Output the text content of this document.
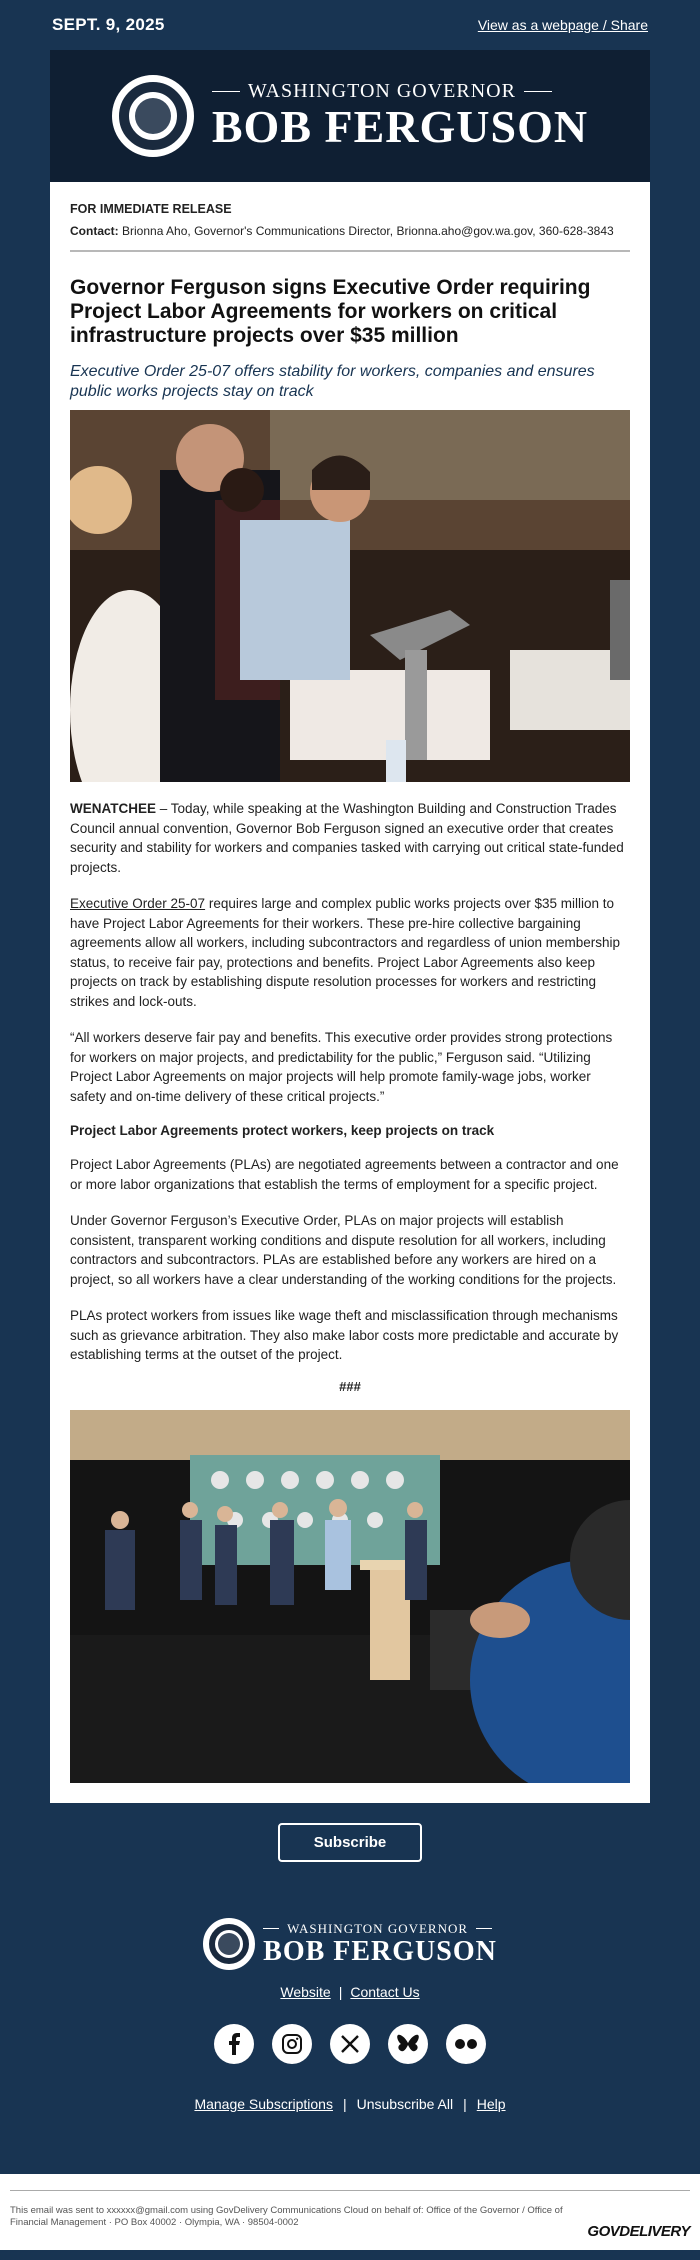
SEPT. 9, 2025	View as a webpage / Share
WASHINGTON GOVERNOR
BOB FERGUSON
FOR IMMEDIATE RELEASE
Contact: Brionna Aho, Governor's Communications Director, Brionna.aho@gov.wa.gov, 360-628-3843
Governor Ferguson signs Executive Order requiring Project Labor Agreements for workers on critical infrastructure projects over $35 million
Executive Order 25-07 offers stability for workers, companies and ensures public works projects stay on track

WENATCHEE – Today, while speaking at the Washington Building and Construction Trades Council annual convention, Governor Bob Ferguson signed an executive order that creates security and stability for workers and companies tasked with carrying out critical state-funded projects.

Executive Order 25-07 requires large and complex public works projects over $35 million to have Project Labor Agreements for their workers. These pre-hire collective bargaining agreements allow all workers, including subcontractors and regardless of union membership status, to receive fair pay, protections and benefits. Project Labor Agreements also keep projects on track by establishing dispute resolution processes for workers and restricting strikes and lock-outs.

“All workers deserve fair pay and benefits. This executive order provides strong protections for workers on major projects, and predictability for the public,” Ferguson said. “Utilizing Project Labor Agreements on major projects will help promote family-wage jobs, worker safety and on-time delivery of these critical projects.”

Project Labor Agreements protect workers, keep projects on track

Project Labor Agreements (PLAs) are negotiated agreements between a contractor and one or more labor organizations that establish the terms of employment for a specific project.

Under Governor Ferguson’s Executive Order, PLAs on major projects will establish consistent, transparent working conditions and dispute resolution for all workers, including contractors and subcontractors. PLAs are established before any workers are hired on a project, so all workers have a clear understanding of the working conditions for the projects.

PLAs protect workers from issues like wage theft and misclassification through mechanisms such as grievance arbitration. They also make labor costs more predictable and accurate by establishing terms at the outset of the project.

###
Subscribe
WASHINGTON GOVERNOR
BOB FERGUSON
Website | Contact Us
Manage Subscriptions | Unsubscribe All | Help
This email was sent to xxxxxx@gmail.com using GovDelivery Communications Cloud on behalf of: Office of the Governor / Office of Financial Management · PO Box 40002 · Olympia, WA · 98504-0002
GOVDELIVERY
